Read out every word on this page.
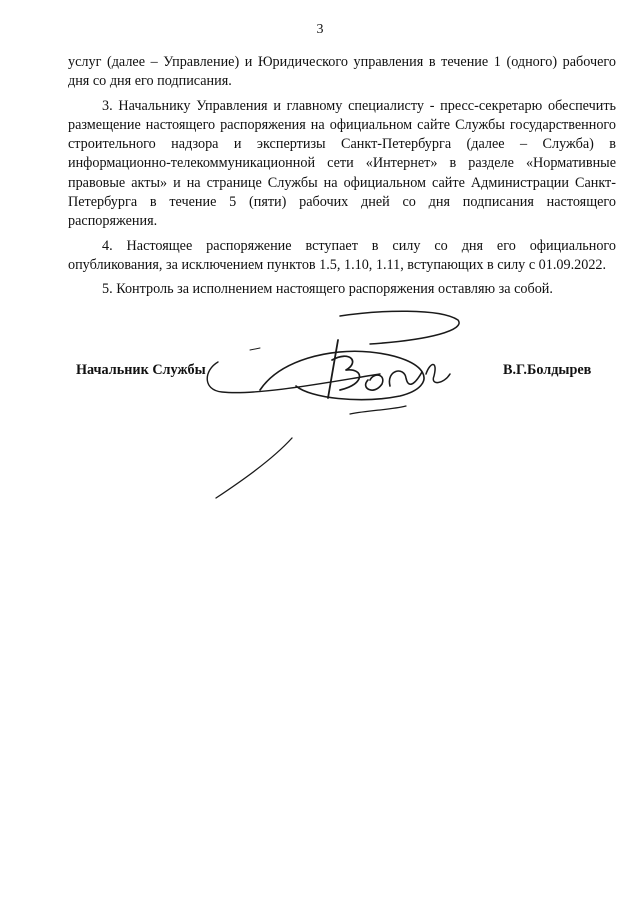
3

услуг (далее – Управление) и Юридического управления в течение 1 (одного) рабочего дня со дня его подписания.

3. Начальнику Управления и главному специалисту - пресс-секретарю обеспечить размещение настоящего распоряжения на официальном сайте Службы государственного строительного надзора и экспертизы Санкт-Петербурга (далее – Служба) в информационно-телекоммуникационной сети «Интернет» в разделе «Нормативные правовые акты» и на странице Службы на официальном сайте Администрации Санкт-Петербурга в течение 5 (пяти) рабочих дней со дня подписания настоящего распоряжения.

4. Настоящее распоряжение вступает в силу со дня его официального опубликования, за исключением пунктов 1.5, 1.10, 1.11, вступающих в силу с 01.09.2022.

5. Контроль за исполнением настоящего распоряжения оставляю за собой.

Начальник Службы	В.Г.Болдырев
